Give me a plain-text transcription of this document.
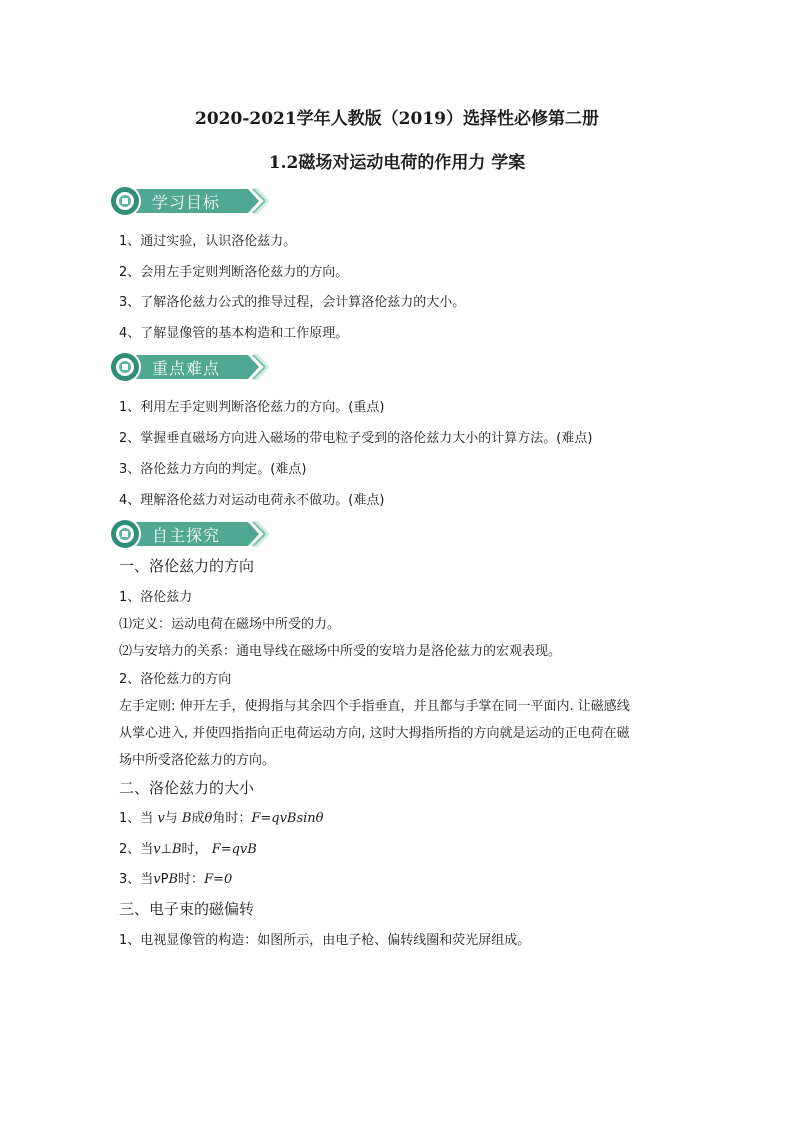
2020-2021学年人教版（2019）选择性必修第二册
1.2磁场对运动电荷的作用力 学案
学习目标
1、通过实验，认识洛伦兹力。
2、会用左手定则判断洛伦兹力的方向。
3、了解洛伦兹力公式的推导过程，会计算洛伦兹力的大小。
4、了解显像管的基本构造和工作原理。
重点难点
1、利用左手定则判断洛伦兹力的方向。(重点)
2、掌握垂直磁场方向进入磁场的带电粒子受到的洛伦兹力大小的计算方法。(难点)
3、洛伦兹力方向的判定。(难点)
4、理解洛伦兹力对运动电荷永不做功。(难点)
自主探究
一、洛伦兹力的方向
1、洛伦兹力
⑴定义：运动电荷在磁场中所受的力。
⑵与安培力的关系：通电导线在磁场中所受的安培力是洛伦兹力的宏观表现。
2、洛伦兹力的方向
左手定则: 伸开左手，使拇指与其余四个手指垂直，并且都与手掌在同一平面内. 让磁感线
从掌心进入, 并使四指指向正电荷运动方向, 这时大拇指所指的方向就是运动的正电荷在磁
场中所受洛伦兹力的方向。
二、洛伦兹力的大小
1、当 v与 B成θ角时：F=qvBsinθ
2、当v⊥B时， F=qvB
3、当vPB时：F=0
三、电子束的磁偏转
1、电视显像管的构造：如图所示，由电子枪、偏转线圈和荧光屏组成。
